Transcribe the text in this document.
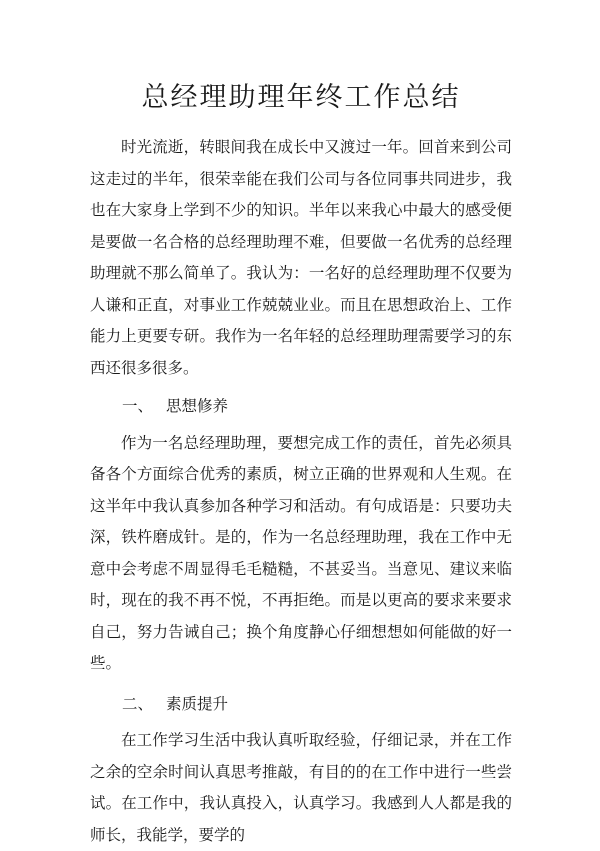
总经理助理年终工作总结

时光流逝，转眼间我在成长中又渡过一年。回首来到公司这走过的半年，很荣幸能在我们公司与各位同事共同进步，我也在大家身上学到不少的知识。半年以来我心中最大的感受便是要做一名合格的总经理助理不难，但要做一名优秀的总经理助理就不那么简单了。我认为：一名好的总经理助理不仅要为人谦和正直，对事业工作兢兢业业。而且在思想政治上、工作能力上更要专研。我作为一名年轻的总经理助理需要学习的东西还很多很多。

一、 思想修养

作为一名总经理助理，要想完成工作的责任，首先必须具备各个方面综合优秀的素质，树立正确的世界观和人生观。在这半年中我认真参加各种学习和活动。有句成语是：只要功夫深，铁杵磨成针。是的，作为一名总经理助理，我在工作中无意中会考虑不周显得毛毛糙糙，不甚妥当。当意见、建议来临时，现在的我不再不悦，不再拒绝。而是以更高的要求来要求自己，努力告诫自己；换个角度静心仔细想想如何能做的好一些。

二、 素质提升

在工作学习生活中我认真听取经验，仔细记录，并在工作之余的空余时间认真思考推敲，有目的的在工作中进行一些尝试。在工作中，我认真投入，认真学习。我感到人人都是我的师长，我能学，要学的
